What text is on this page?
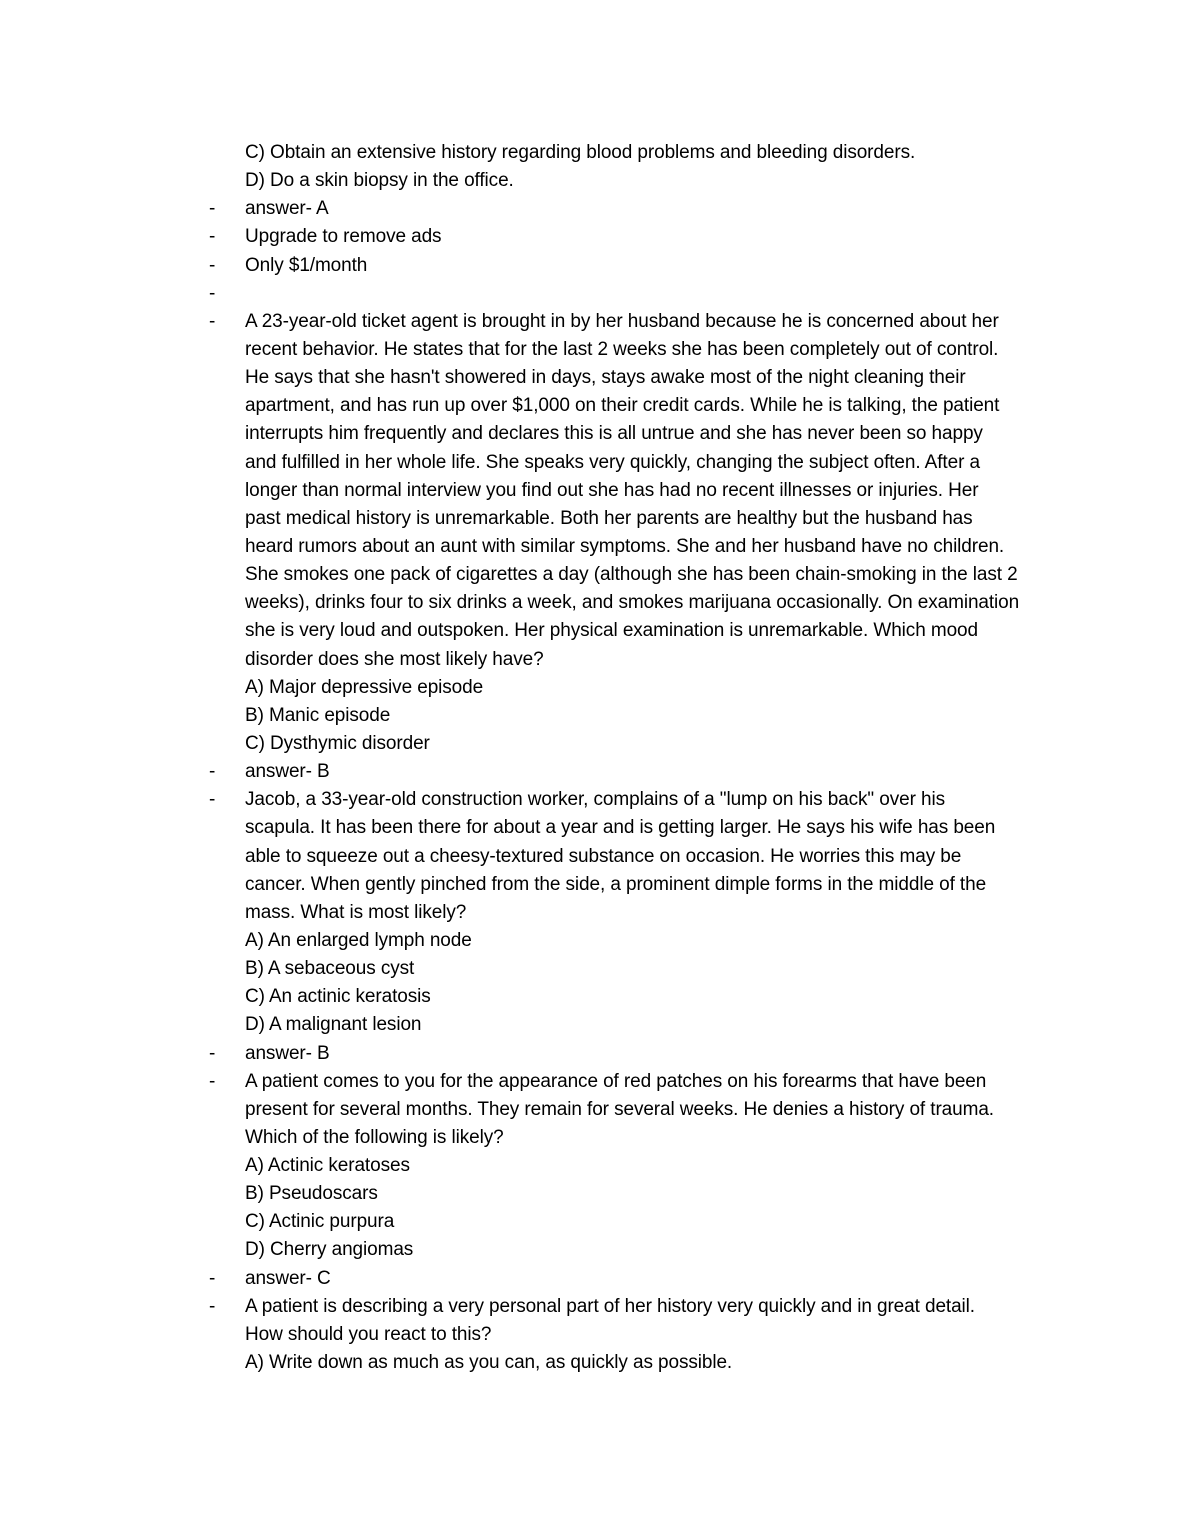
C) Obtain an extensive history regarding blood problems and bleeding disorders.
D) Do a skin biopsy in the office.
-	answer- A
-	Upgrade to remove ads
-	Only $1/month
-
-	A 23-year-old ticket agent is brought in by her husband because he is concerned about her
recent behavior. He states that for the last 2 weeks she has been completely out of control.
He says that she hasn't showered in days, stays awake most of the night cleaning their
apartment, and has run up over $1,000 on their credit cards. While he is talking, the patient
interrupts him frequently and declares this is all untrue and she has never been so happy
and fulfilled in her whole life. She speaks very quickly, changing the subject often. After a
longer than normal interview you find out she has had no recent illnesses or injuries. Her
past medical history is unremarkable. Both her parents are healthy but the husband has
heard rumors about an aunt with similar symptoms. She and her husband have no children.
She smokes one pack of cigarettes a day (although she has been chain-smoking in the last 2
weeks), drinks four to six drinks a week, and smokes marijuana occasionally. On examination
she is very loud and outspoken. Her physical examination is unremarkable. Which mood
disorder does she most likely have?
A) Major depressive episode
B) Manic episode
C) Dysthymic disorder
-	answer- B
-	Jacob, a 33-year-old construction worker, complains of a "lump on his back" over his
scapula. It has been there for about a year and is getting larger. He says his wife has been
able to squeeze out a cheesy-textured substance on occasion. He worries this may be
cancer. When gently pinched from the side, a prominent dimple forms in the middle of the
mass. What is most likely?
A) An enlarged lymph node
B) A sebaceous cyst
C) An actinic keratosis
D) A malignant lesion
-	answer- B
-	A patient comes to you for the appearance of red patches on his forearms that have been
present for several months. They remain for several weeks. He denies a history of trauma.
Which of the following is likely?
A) Actinic keratoses
B) Pseudoscars
C) Actinic purpura
D) Cherry angiomas
-	answer- C
-	A patient is describing a very personal part of her history very quickly and in great detail.
How should you react to this?
A) Write down as much as you can, as quickly as possible.
